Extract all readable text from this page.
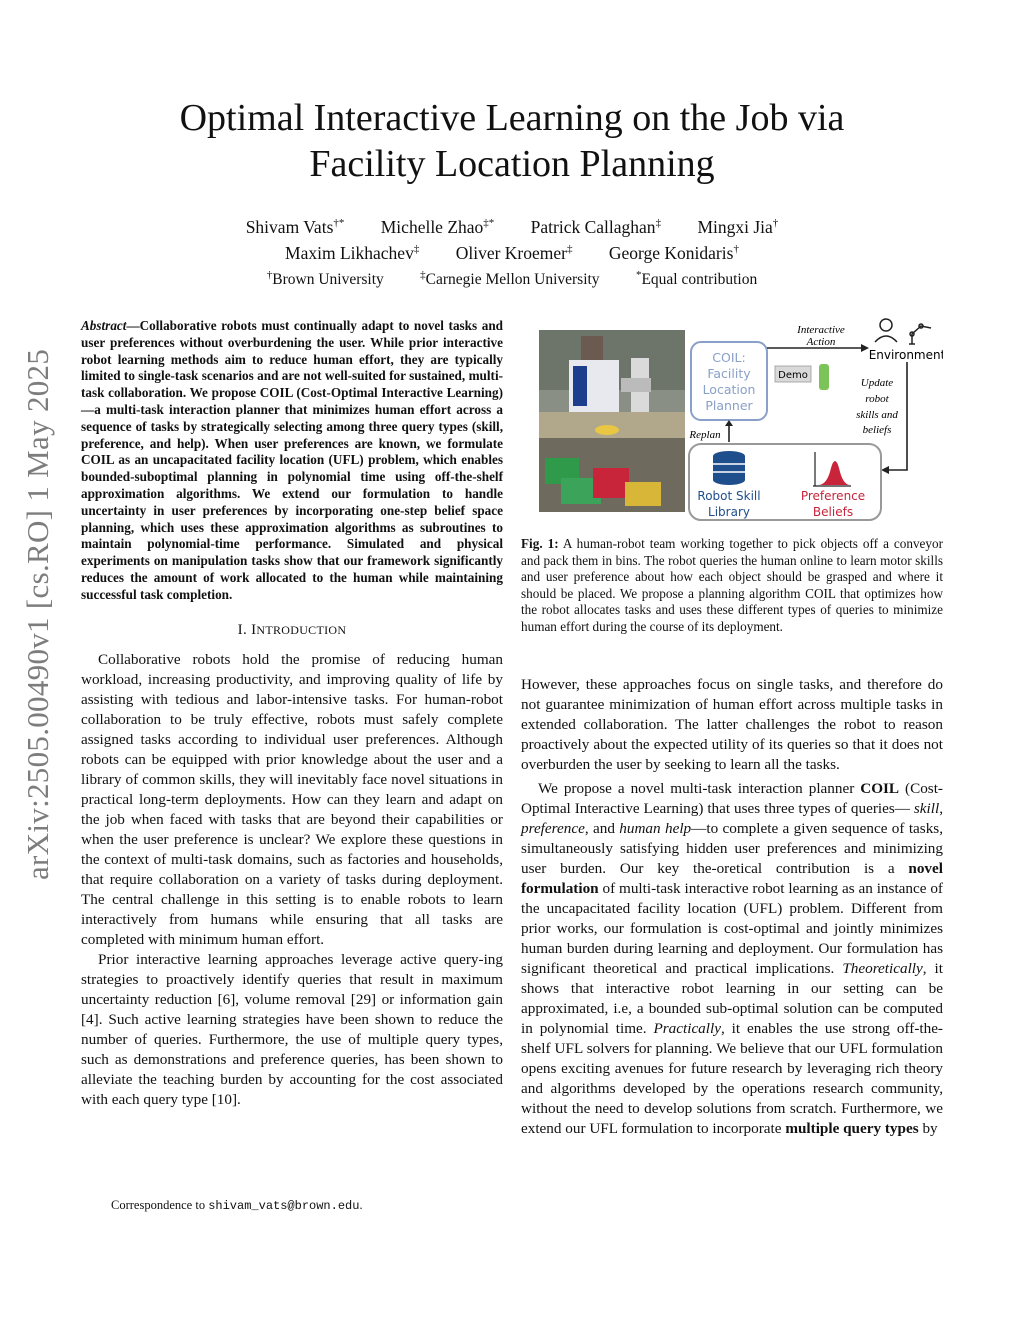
arXiv:2505.00490v1 [cs.RO] 1 May 2025
Optimal Interactive Learning on the Job via
Facility Location Planning
Shivam Vats†* Michelle Zhao‡* Patrick Callaghan‡ Mingxi Jia†
Maxim Likhachev‡ Oliver Kroemer‡ George Konidaris†
†Brown University	‡Carnegie Mellon University	*Equal contribution

Abstract—Collaborative robots must continually adapt to novel tasks and user preferences without overburdening the user. While prior interactive robot learning methods aim to reduce human effort, they are typically limited to single-task scenarios and are not well-suited for sustained, multi-task collaboration. We propose COIL (Cost-Optimal Interactive Learning)—a multi-task interaction planner that minimizes human effort across a sequence of tasks by strategically selecting among three query types (skill, preference, and help). When user preferences are known, we formulate COIL as an uncapacitated facility location (UFL) problem, which enables bounded-suboptimal planning in polynomial time using off-the-shelf approximation algorithms. We extend our formulation to handle uncertainty in user preferences by incorporating one-step belief space planning, which uses these approximation algorithms as subroutines to maintain polynomial-time performance. Simulated and physical experiments on manipulation tasks show that our framework significantly reduces the amount of work allocated to the human while maintaining successful task completion.

I. INTRODUCTION

Collaborative robots hold the promise of reducing human workload, increasing productivity, and improving quality of life by assisting with tedious and labor-intensive tasks. For human-robot collaboration to be truly effective, robots must safely complete assigned tasks according to individual user preferences. Although robots can be equipped with prior knowledge about the user and a library of common skills, they will inevitably face novel situations in practical long-term deployments. How can they learn and adapt on the job when faced with tasks that are beyond their capabilities or when the user preference is unclear? We explore these questions in the context of multi-task domains, such as factories and households, that require collaboration on a variety of tasks during deployment. The central challenge in this setting is to enable robots to learn interactively from humans while ensuring that all tasks are completed with minimum human effort.

Prior interactive learning approaches leverage active query-ing strategies to proactively identify queries that result in maximum uncertainty reduction [6], volume removal [29] or information gain [4]. Such active learning strategies have been shown to reduce the number of queries. Furthermore, the use of multiple query types, such as demonstrations and preference queries, has been shown to alleviate the teaching burden by accounting for the cost associated with each query type [10].

Correspondence to shivam_vats@brown.edu.
COIL:
Facility
Location
Planner
Interactive
Action
Environment
Demo
Update
robot
skills and
beliefs
Replan
Robot Skill
Library
Preference
Beliefs
Fig. 1: A human-robot team working together to pick objects off a conveyor and pack them in bins. The robot queries the human online to learn motor skills and user preference about how each object should be grasped and where it should be placed. We propose a planning algorithm COIL that optimizes how the robot allocates tasks and uses these different types of queries to minimize human effort during the course of its deployment.

However, these approaches focus on single tasks, and therefore do not guarantee minimization of human effort across multiple tasks in extended collaboration. The latter challenges the robot to reason proactively about the expected utility of its queries so that it does not overburden the user by seeking to learn all the tasks.

We propose a novel multi-task interaction planner COIL (Cost-Optimal Interactive Learning) that uses three types of queries— skill, preference, and human help—to complete a given sequence of tasks, simultaneously satisfying hidden user preferences and minimizing user burden. Our key the-oretical contribution is a novel formulation of multi-task interactive robot learning as an instance of the uncapacitated facility location (UFL) problem. Different from prior works, our formulation is cost-optimal and jointly minimizes human burden during learning and deployment. Our formulation has significant theoretical and practical implications. Theoretically, it shows that interactive robot learning in our setting can be approximated, i.e, a bounded sub-optimal solution can be computed in polynomial time. Practically, it enables the use strong off-the-shelf UFL solvers for planning. We believe that our UFL formulation opens exciting avenues for future research by leveraging rich theory and algorithms developed by the operations research community, without the need to develop solutions from scratch. Furthermore, we extend our UFL formulation to incorporate multiple query types by
